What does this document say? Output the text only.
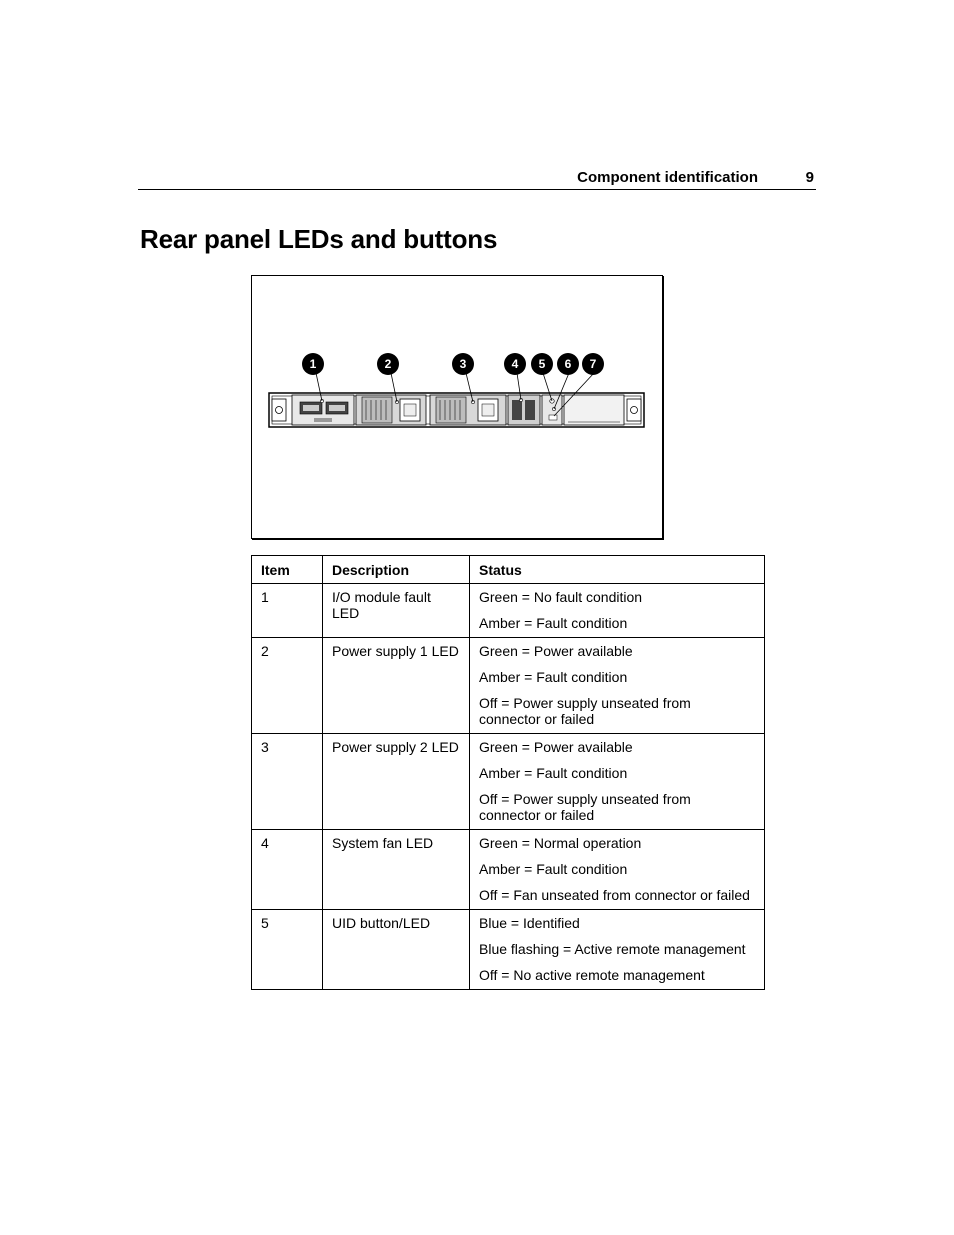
Component identification	9
Rear panel LEDs and buttons
1	2	3	4 5 6 7
Item	Description	Status
1	I/O module fault LED	Green = No fault condition
Amber = Fault condition

2	Power supply 1 LED	Green = Power available
Amber = Fault condition
Off = Power supply unseated from connector or failed

3	Power supply 2 LED	Green = Power available
Amber = Fault condition
Off = Power supply unseated from connector or failed

4	System fan LED	Green = Normal operation
Amber = Fault condition
Off = Fan unseated from connector or failed

5	UID button/LED	Blue = Identified
Blue flashing = Active remote management
Off = No active remote management
